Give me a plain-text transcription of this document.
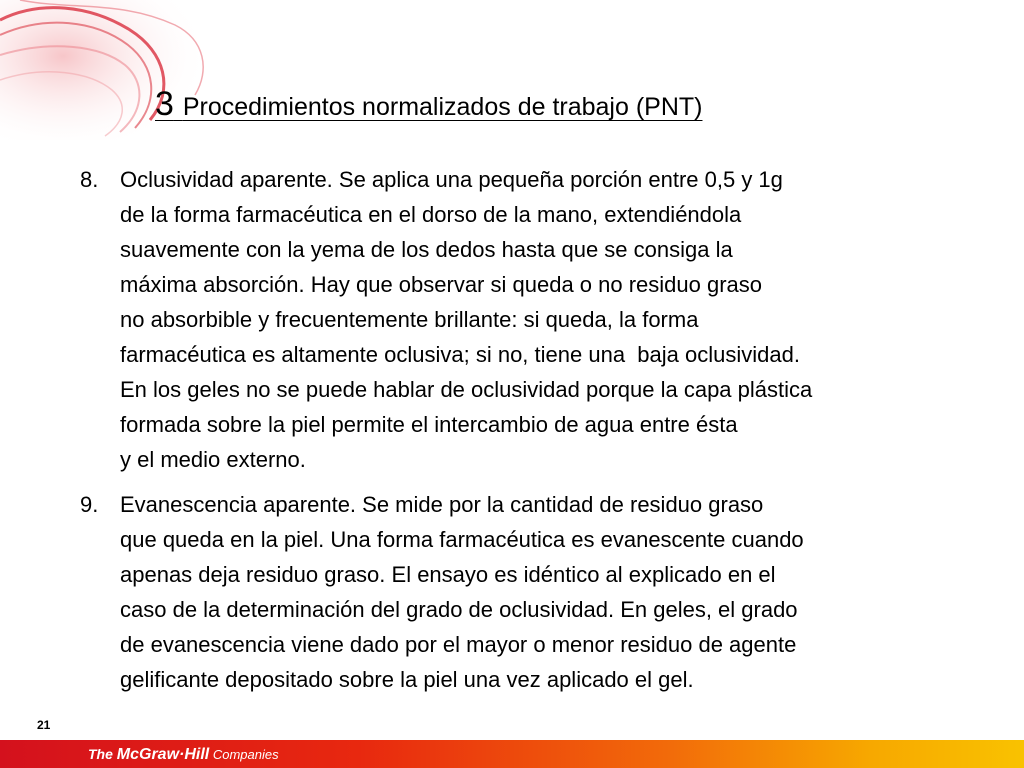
3 Procedimientos normalizados de trabajo (PNT)
8. Oclusividad aparente. Se aplica una pequeña porción entre 0,5 y 1g
de la forma farmacéutica en el dorso de la mano, extendiéndola
suavemente con la yema de los dedos hasta que se consiga la
máxima absorción. Hay que observar si queda o no residuo graso
no absorbible y frecuentemente brillante: si queda, la forma
farmacéutica es altamente oclusiva; si no, tiene una  baja oclusividad.
En los geles no se puede hablar de oclusividad porque la capa plástica
formada sobre la piel permite el intercambio de agua entre ésta
y el medio externo.
9. Evanescencia aparente. Se mide por la cantidad de residuo graso
que queda en la piel. Una forma farmacéutica es evanescente cuando
apenas deja residuo graso. El ensayo es idéntico al explicado en el
caso de la determinación del grado de oclusividad. En geles, el grado
de evanescencia viene dado por el mayor o menor residuo de agente
gelificante depositado sobre la piel una vez aplicado el gel.
21
The McGraw·Hill Companies
